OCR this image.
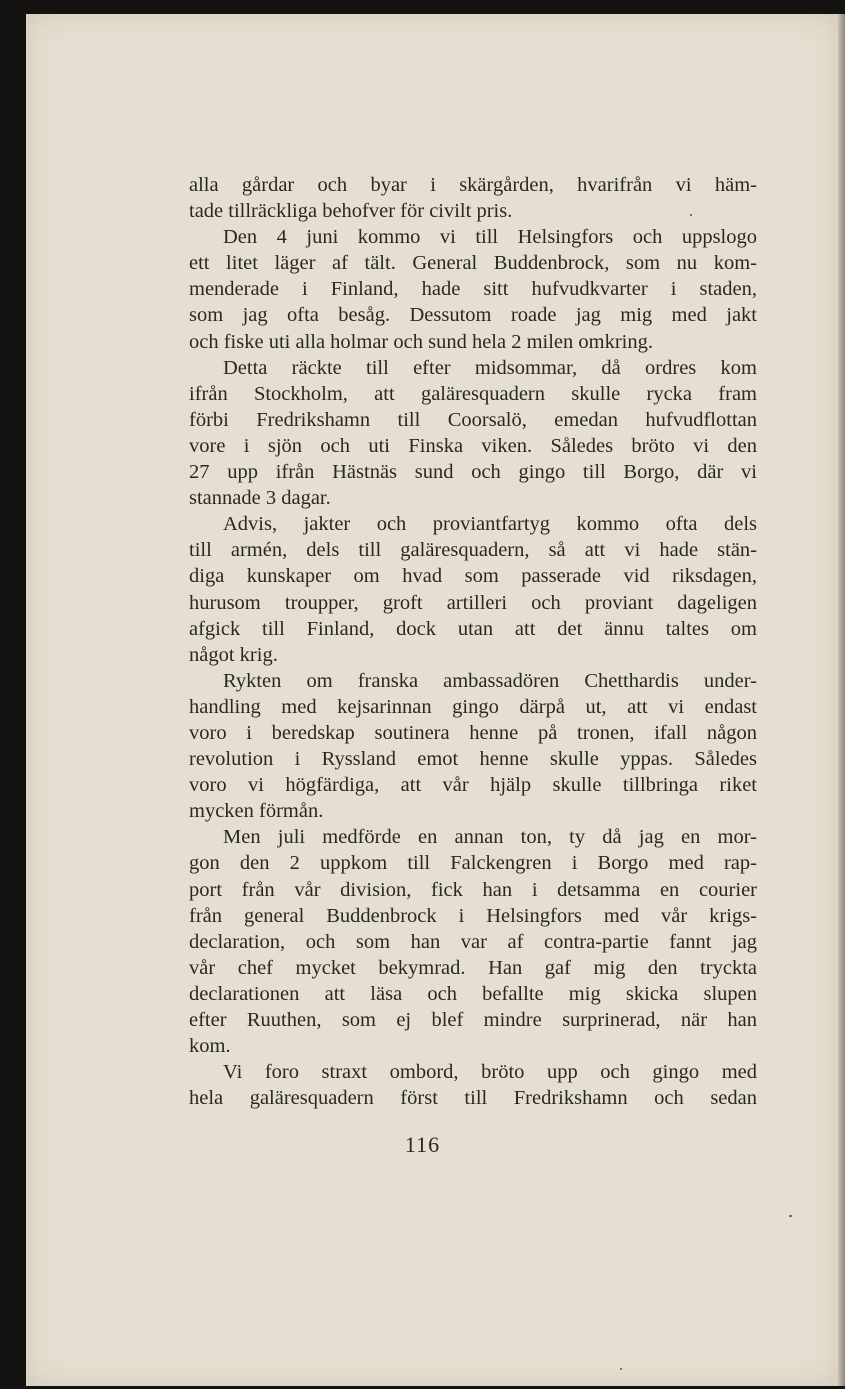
alla gårdar och byar i skärgården, hvarifrån vi häm-
tade tillräckliga behofver för civilt pris.
Den 4 juni kommo vi till Helsingfors och uppslogo
ett litet läger af tält. General Buddenbrock, som nu kom-
menderade i Finland, hade sitt hufvudkvarter i staden,
som jag ofta besåg. Dessutom roade jag mig med jakt
och fiske uti alla holmar och sund hela 2 milen omkring.
Detta räckte till efter midsommar, då ordres kom
ifrån Stockholm, att galäresquadern skulle rycka fram
förbi Fredrikshamn till Coorsalö, emedan hufvudflottan
vore i sjön och uti Finska viken. Således bröto vi den
27 upp ifrån Hästnäs sund och gingo till Borgo, där vi
stannade 3 dagar.
Advis, jakter och proviantfartyg kommo ofta dels
till armén, dels till galäresquadern, så att vi hade stän-
diga kunskaper om hvad som passerade vid riksdagen,
hurusom troupper, groft artilleri och proviant dageligen
afgick till Finland, dock utan att det ännu taltes om
något krig.
Rykten om franska ambassadören Chetthardis under-
handling med kejsarinnan gingo därpå ut, att vi endast
voro i beredskap soutinera henne på tronen, ifall någon
revolution i Ryssland emot henne skulle yppas. Således
voro vi högfärdiga, att vår hjälp skulle tillbringa riket
mycken förmån.
Men juli medförde en annan ton, ty då jag en mor-
gon den 2 uppkom till Falckengren i Borgo med rap-
port från vår division, fick han i detsamma en courier
från general Buddenbrock i Helsingfors med vår krigs-
declaration, och som han var af contra-partie fannt jag
vår chef mycket bekymrad. Han gaf mig den tryckta
declarationen att läsa och befallte mig skicka slupen
efter Ruuthen, som ej blef mindre surprinerad, när han
kom.
Vi foro straxt ombord, bröto upp och gingo med
hela galäresquadern först till Fredrikshamn och sedan
116
